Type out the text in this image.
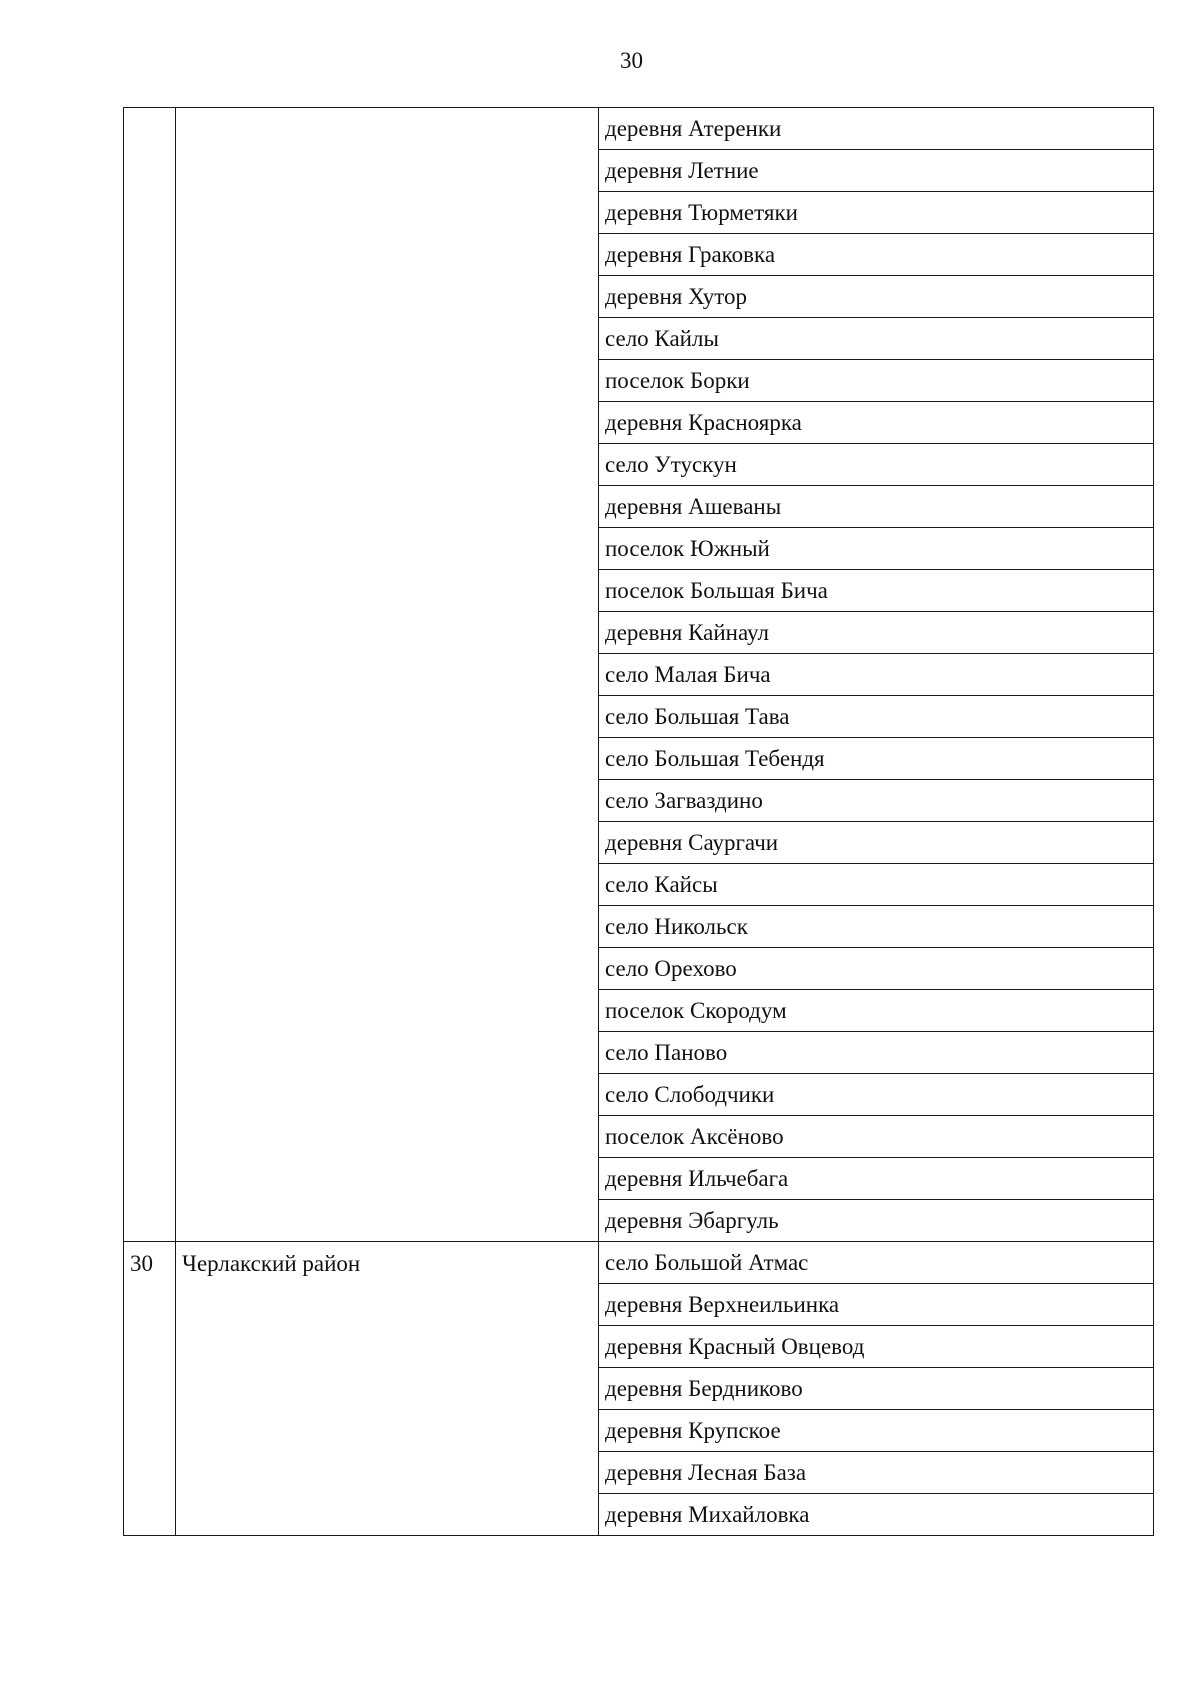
30
		деревня Атеренки
		деревня Летние
		деревня Тюрметяки
		деревня Граковка
		деревня Хутор
		село Кайлы
		поселок Борки
		деревня Красноярка
		село Утускун
		деревня Ашеваны
		поселок Южный
		поселок Большая Бича
		деревня Кайнаул
		село Малая Бича
		село Большая Тава
		село Большая Тебендя
		село Загваздино
		деревня Саургачи
		село Кайсы
		село Никольск
		село Орехово
		поселок Скородум
		село Паново
		село Слободчики
		поселок Аксёново
		деревня Ильчебага
		деревня Эбаргуль
30	Черлакский район	село Большой Атмас
		деревня Верхнеильинка
		деревня Красный Овцевод
		деревня Бердниково
		деревня Крупское
		деревня Лесная База
		деревня Михайловка
